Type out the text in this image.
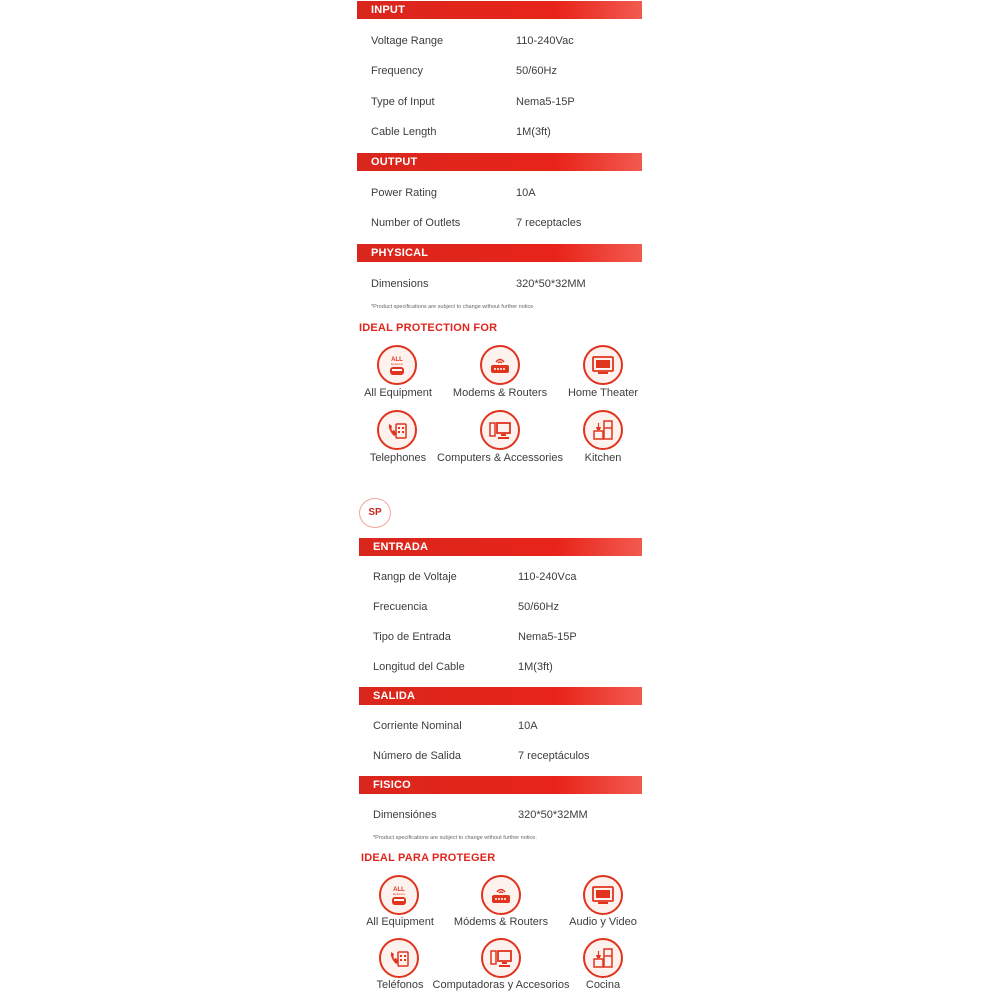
INPUT
Voltage Range	110-240Vac
Frequency	50/60Hz
Type of Input	Nema5-15P
Cable Length	1M(3ft)
OUTPUT
Power Rating	10A
Number of Outlets	7 receptacles
PHYSICAL
Dimensions	320*50*32MM
*Product specifications are subject to change without further notice.
IDEAL PROTECTION FOR
ALL
Equipment
All Equipment Modems & Routers Home Theater
Telephones Computers & Accessories Kitchen
SP
ENTRADA
Rangp de Voltaje	110-240Vca
Frecuencia	50/60Hz
Tipo de Entrada	Nema5-15P
Longitud del Cable	1M(3ft)
SALIDA
Corriente Nominal	10A
Número de Salida	7 receptáculos
FISICO
Dimensiónes	320*50*32MM
*Product specifications are subject to change without further notice.
IDEAL PARA PROTEGER
ALL
Equipment
All Equipment Módems & Routers Audio y Video
Teléfonos Computadoras y Accesorios Cocina
